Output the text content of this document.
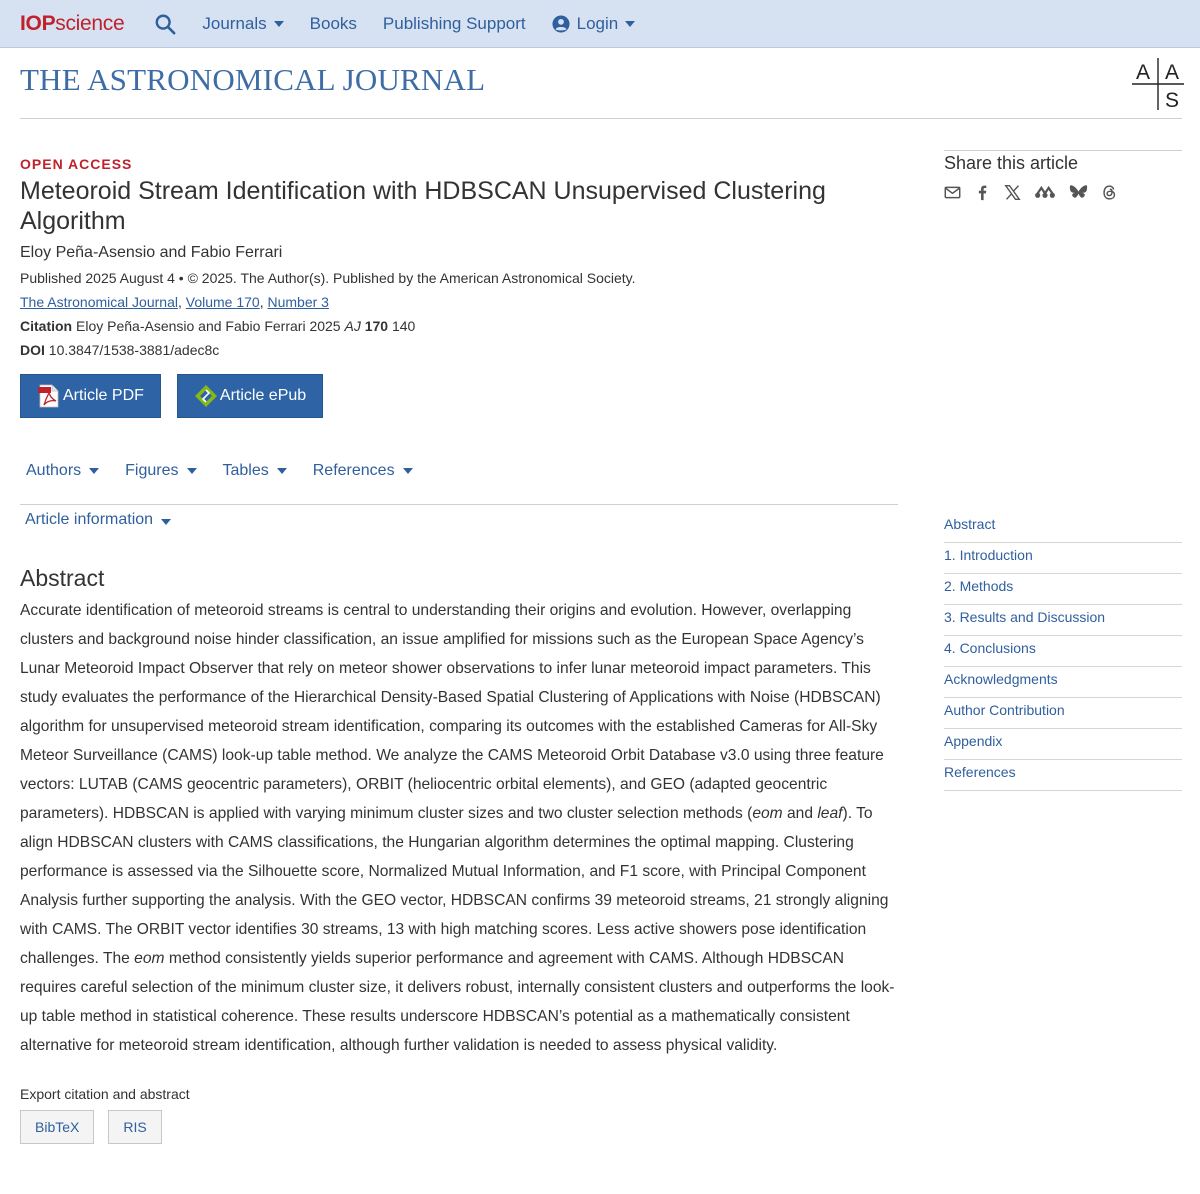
IOP science	Journals	Books Publishing Support	Login
THE ASTRONOMICAL JOURNAL	A A
S
OPEN ACCESS
Meteoroid Stream Identification with HDBSCAN Unsupervised Clustering Algorithm
Eloy Peña-Asensio and Fabio Ferrari
Published 2025 August 4 • © 2025. The Author(s). Published by the American Astronomical Society.
The Astronomical Journal, Volume 170, Number 3
Citation Eloy Peña-Asensio and Fabio Ferrari 2025 AJ 170 140
DOI 10.3847/1538-3881/adec8c
Article PDF	Article ePub
Authors	Figures	Tables	References
Article information
Abstract
Accurate identification of meteoroid streams is central to understanding their origins and evolution. However, overlapping clusters and background noise hinder classification, an issue amplified for missions such as the European Space Agency’s Lunar Meteoroid Impact Observer that rely on meteor shower observations to infer lunar meteoroid impact parameters. This study evaluates the performance of the Hierarchical Density-Based Spatial Clustering of Applications with Noise (HDBSCAN) algorithm for unsupervised meteoroid stream identification, comparing its outcomes with the established Cameras for All-Sky Meteor Surveillance (CAMS) look-up table method. We analyze the CAMS Meteoroid Orbit Database v3.0 using three feature vectors: LUTAB (CAMS geocentric parameters), ORBIT (heliocentric orbital elements), and GEO (adapted geocentric parameters). HDBSCAN is applied with varying minimum cluster sizes and two cluster selection methods (eom and leaf). To align HDBSCAN clusters with CAMS classifications, the Hungarian algorithm determines the optimal mapping. Clustering performance is assessed via the Silhouette score, Normalized Mutual Information, and F1 score, with Principal Component Analysis further supporting the analysis. With the GEO vector, HDBSCAN confirms 39 meteoroid streams, 21 strongly aligning with CAMS. The ORBIT vector identifies 30 streams, 13 with high matching scores. Less active showers pose identification challenges. The eom method consistently yields superior performance and agreement with CAMS. Although HDBSCAN requires careful selection of the minimum cluster size, it delivers robust, internally consistent clusters and outperforms the look-up table method in statistical coherence. These results underscore HDBSCAN’s potential as a mathematically consistent alternative for meteoroid stream identification, although further validation is needed to assess physical validity.
Export citation and abstract
BibTeX	RIS
Share this article
Abstract
1. Introduction
2. Methods
3. Results and Discussion
4. Conclusions
Acknowledgments
Author Contribution
Appendix
References
